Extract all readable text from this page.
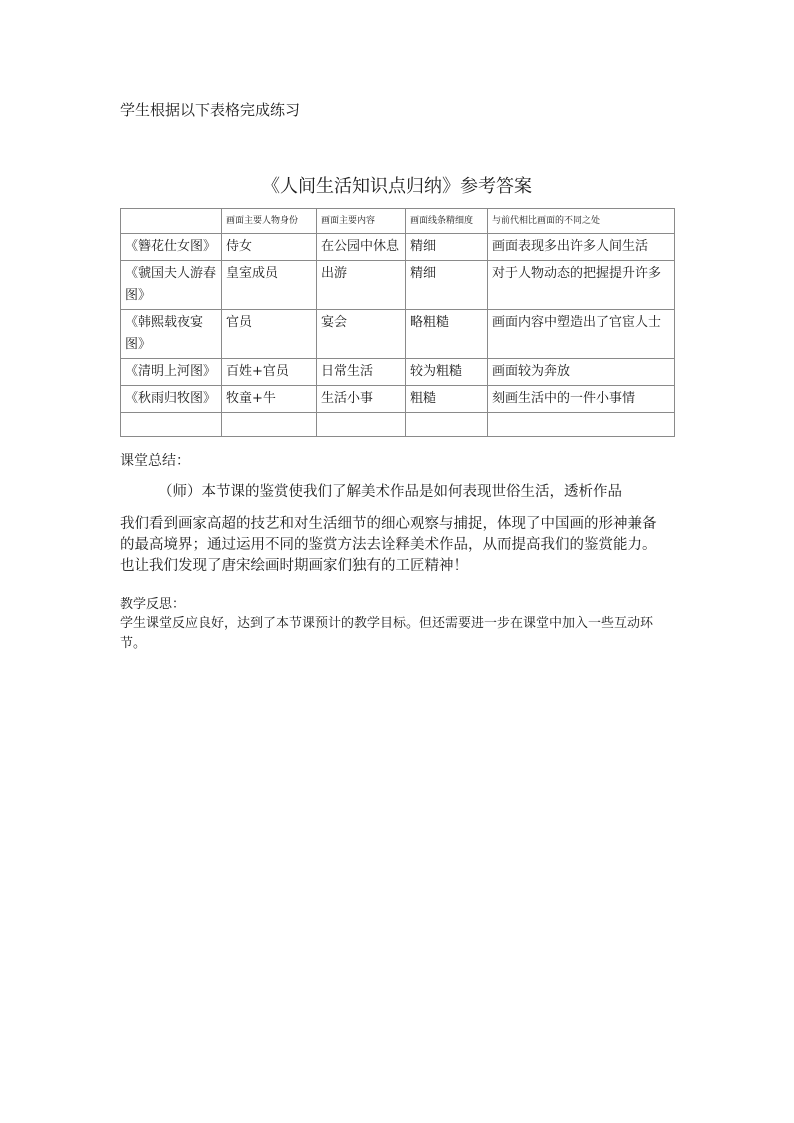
学生根据以下表格完成练习
《人间生活知识点归纳》参考答案
	画面主要人物身份	画面主要内容	画面线条精细度	与前代相比画面的不同之处
《簪花仕女图》	侍女	在公园中休息	精细	画面表现多出许多人间生活
《虢国夫人游春图》	皇室成员	出游	精细	对于人物动态的把握提升许多
《韩熙载夜宴图》	官员	宴会	略粗糙	画面内容中塑造出了官宦人士
《清明上河图》	百姓+官员	日常生活	较为粗糙	画面较为奔放
《秋雨归牧图》	牧童+牛	生活小事	粗糙	刻画生活中的一件小事情

课堂总结：
（师）本节课的鉴赏使我们了解美术作品是如何表现世俗生活，透析作品
我们看到画家高超的技艺和对生活细节的细心观察与捕捉，体现了中国画的形神兼备的最高境界；通过运用不同的鉴赏方法去诠释美术作品，从而提高我们的鉴赏能力。也让我们发现了唐宋绘画时期画家们独有的工匠精神！
教学反思：
学生课堂反应良好，达到了本节课预计的教学目标。但还需要进一步在课堂中加入一些互动环节。
